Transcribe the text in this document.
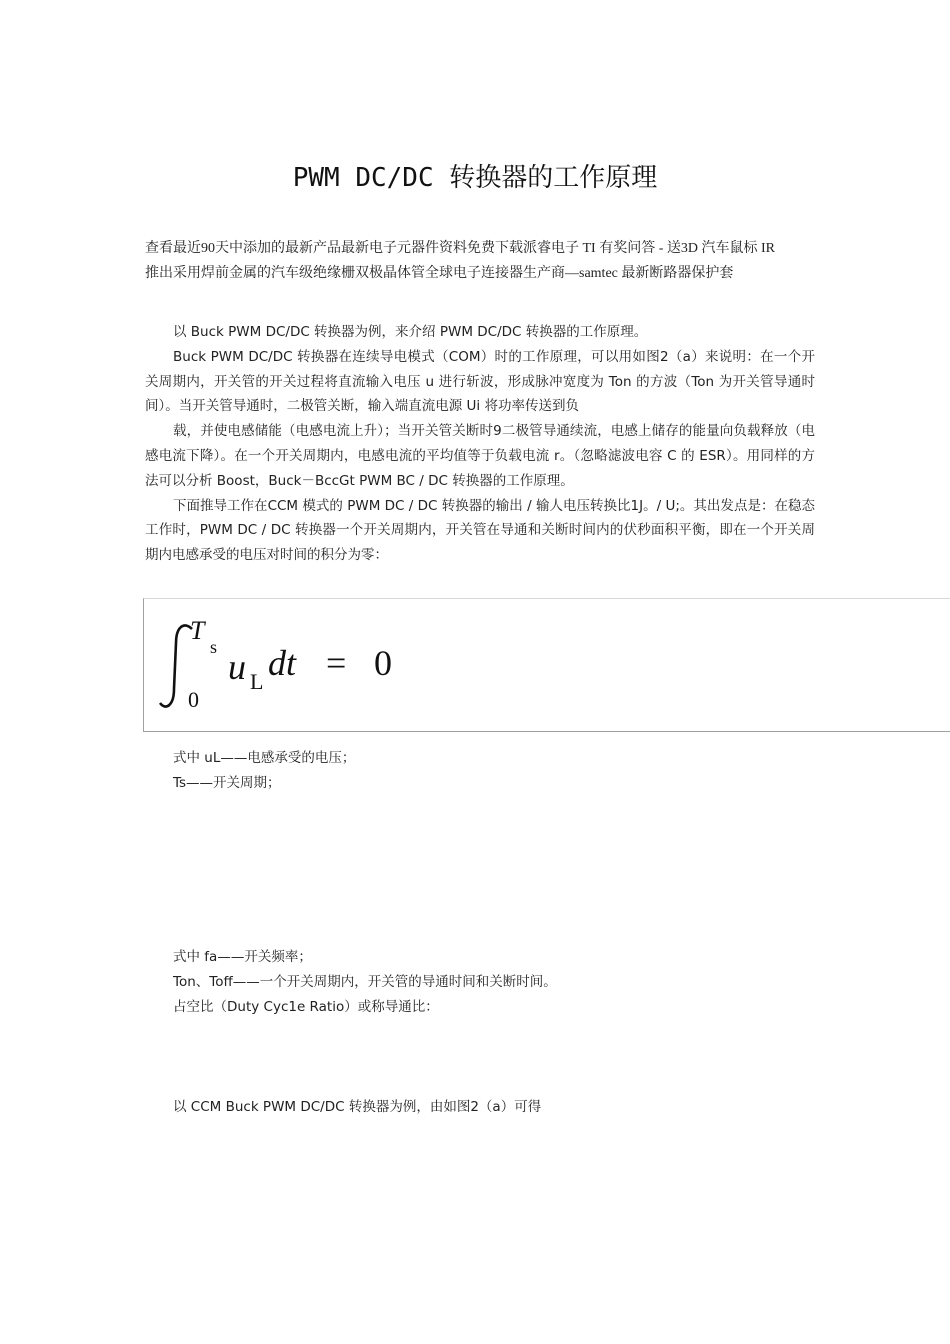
PWM DC/DC 转换器的工作原理

查看最近90天中添加的最新产品最新电子元器件资料免费下载派睿电子 TI 有奖问答 - 送3D 汽车鼠标 IR

推出采用焊前金属的汽车级绝缘栅双极晶体管全球电子连接器生产商—samtec 最新断路器保护套

以 Buck PWM DC/DC 转换器为例，来介绍 PWM DC/DC 转换器的工作原理。

Buck PWM DC/DC 转换器在连续导电模式（COM）时的工作原理，可以用如图2（a）来说明：在一个开关周期内，开关管的开关过程将直流输入电压 u 进行斩波，形成脉冲宽度为 Ton 的方波（Ton 为开关管导通时间）。当开关管导通时，二极管关断，输入端直流电源 Ui 将功率传送到负

载，并使电感储能（电感电流上升）；当开关管关断时9二极管导通续流，电感上储存的能量向负载释放（电感电流下降）。在一个开关周期内，电感电流的平均值等于负载电流 r。（忽略滤波电容 C 的 ESR）。用同样的方法可以分析 Boost，Buck－BccGt PWM BC / DC 转换器的工作原理。

下面推导工作在CCM 模式的 PWM DC / DC 转换器的输出 / 输人电压转换比1J。/ U;。其出发点是：在稳态工作时，PWM DC / DC 转换器一个开关周期内，开关管在导通和关断时间内的伏秒面积平衡，即在一个开关周期内电感承受的电压对时间的积分为零：

T
s
0
u L dt = 0
式中 uL——电感承受的电压；
Ts——开关周期；
式中 fa——开关频率；
Ton、Toff——一个开关周期内，开关管的导通时间和关断时间。
占空比（Duty Cyc1e Ratio）或称导通比：
以 CCM Buck PWM DC/DC 转换器为例，由如图2（a）可得
